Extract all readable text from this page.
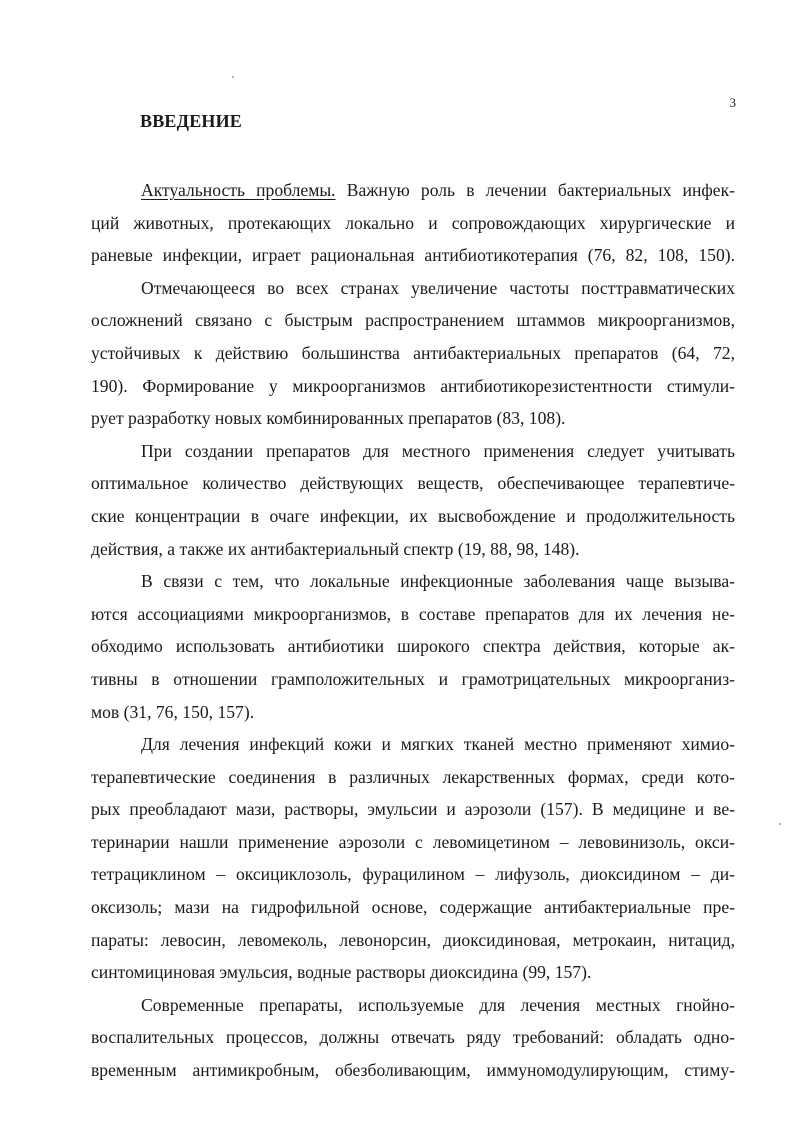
3
ВВЕДЕНИЕ
Актуальность проблемы. Важную роль в лечении бактериальных инфек-
ций животных, протекающих локально и сопровождающих хирургические и
раневые инфекции, играет рациональная антибиотикотерапия (76, 82, 108, 150).
Отмечающееся во всех странах увеличение частоты посттравматических
осложнений связано с быстрым распространением штаммов микроорганизмов,
устойчивых к действию большинства антибактериальных препаратов (64, 72,
190). Формирование у микроорганизмов антибиотикорезистентности стимули-
рует разработку новых комбинированных препаратов (83, 108).
При создании препаратов для местного применения следует учитывать
оптимальное количество действующих веществ, обеспечивающее терапевтиче-
ские концентрации в очаге инфекции, их высвобождение и продолжительность
действия, а также их антибактериальный спектр (19, 88, 98, 148).
В связи с тем, что локальные инфекционные заболевания чаще вызыва-
ются ассоциациями микроорганизмов, в составе препаратов для их лечения не-
обходимо использовать антибиотики широкого спектра действия, которые ак-
тивны в отношении грамположительных и грамотрицательных микроорганиз-
мов (31, 76, 150, 157).
Для лечения инфекций кожи и мягких тканей местно применяют химио-
терапевтические соединения в различных лекарственных формах, среди кото-
рых преобладают мази, растворы, эмульсии и аэрозоли (157). В медицине и ве-
теринарии нашли применение аэрозоли с левомицетином – левовинизоль, окси-
тетрациклином – оксициклозоль, фурацилином – лифузоль, диоксидином – ди-
оксизоль; мази на гидрофильной основе, содержащие антибактериальные пре-
параты: левосин, левомеколь, левонорсин, диоксидиновая, метрокаин, нитацид,
синтомициновая эмульсия, водные растворы диоксидина (99, 157).
Современные препараты, используемые для лечения местных гнойно-
воспалительных процессов, должны отвечать ряду требований: обладать одно-
временным антимикробным, обезболивающим, иммуномодулирующим, стиму-
